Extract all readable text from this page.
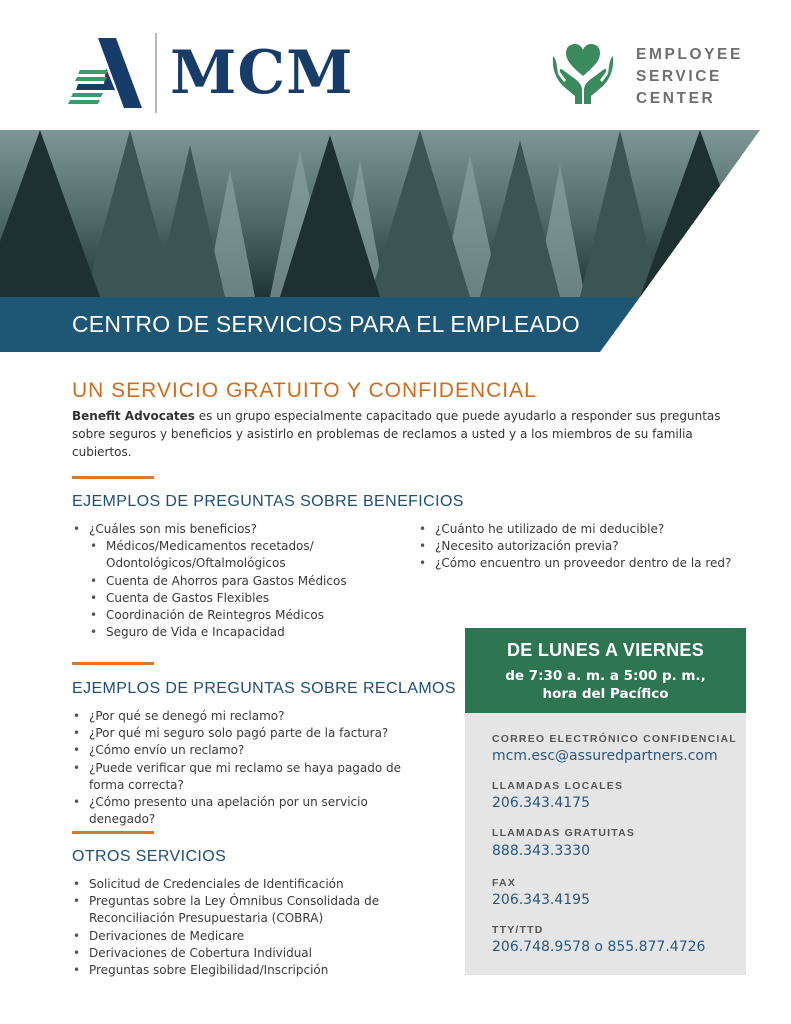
MCM	EMPLOYEE
SERVICE
CENTER
CENTRO DE SERVICIOS PARA EL EMPLEADO
UN SERVICIO GRATUITO Y CONFIDENCIAL
Benefit Advocates es un grupo especialmente capacitado que puede ayudarlo a responder sus preguntas sobre seguros y beneficios y asistirlo en problemas de reclamos a usted y a los miembros de su familia cubiertos.
EJEMPLOS DE PREGUNTAS SOBRE BENEFICIOS
• ¿Cuáles son mis beneficios?
• Médicos/Medicamentos recetados/ Odontológicos/Oftalmológicos
• Cuenta de Ahorros para Gastos Médicos
• Cuenta de Gastos Flexibles
• Coordinación de Reintegros Médicos
• Seguro de Vida e Incapacidad
• ¿Cuánto he utilizado de mi deducible?
• ¿Necesito autorización previa?
• ¿Cómo encuentro un proveedor dentro de la red?
EJEMPLOS DE PREGUNTAS SOBRE RECLAMOS
• ¿Por qué se denegó mi reclamo?
• ¿Por qué mi seguro solo pagó parte de la factura?
• ¿Cómo envío un reclamo?
• ¿Puede verificar que mi reclamo se haya pagado de forma correcta?
• ¿Cómo presento una apelación por un servicio denegado?
OTROS SERVICIOS
• Solicitud de Credenciales de Identificación
• Preguntas sobre la Ley Ómnibus Consolidada de Reconciliación Presupuestaria (COBRA)
• Derivaciones de Medicare
• Derivaciones de Cobertura Individual
• Preguntas sobre Elegibilidad/Inscripción
DE LUNES A VIERNES
de 7:30 a. m. a 5:00 p. m.,
hora del Pacífico
CORREO ELECTRÓNICO CONFIDENCIAL
mcm.esc@assuredpartners.com
LLAMADAS LOCALES
206.343.4175
LLAMADAS GRATUITAS
888.343.3330
FAX
206.343.4195
TTY/TTD
206.748.9578 o 855.877.4726
